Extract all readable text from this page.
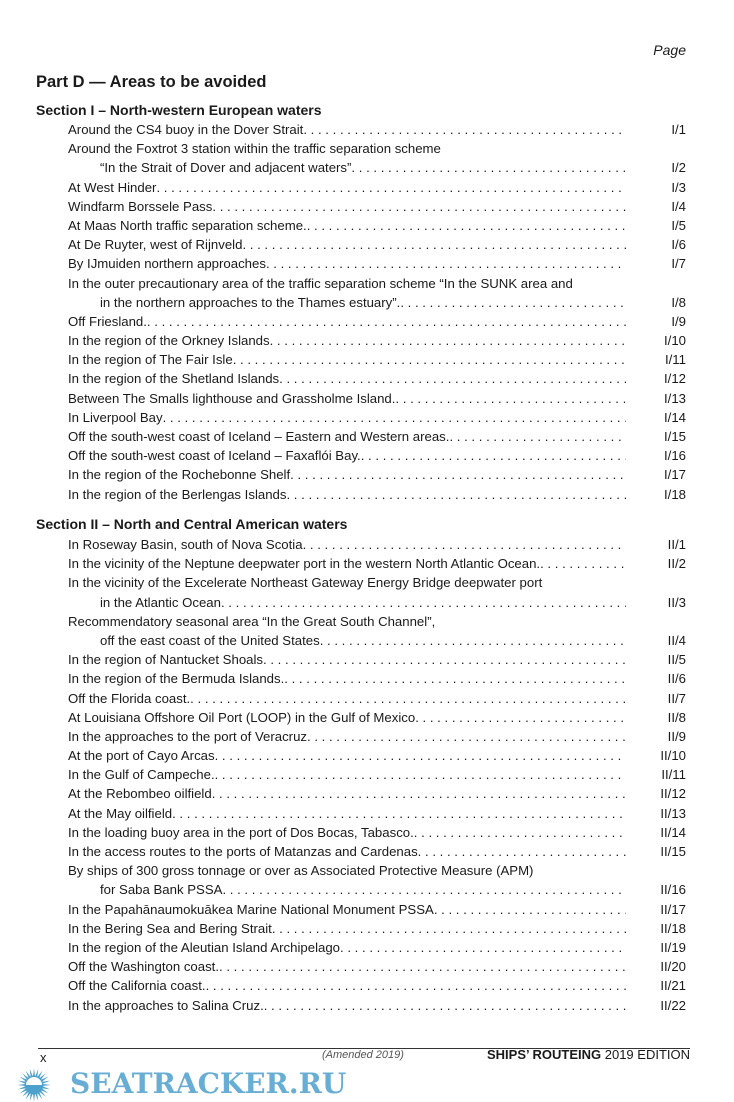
Page
Part D — Areas to be avoided
Section I – North-western European waters
Around the CS4 buoy in the Dover Strait . . .	I/1
Around the Foxtrot 3 station within the traffic separation scheme
“In the Strait of Dover and adjacent waters” . . .	I/2
At West Hinder . . .	I/3
Windfarm Borssele Pass . . .	I/4
At Maas North traffic separation scheme. . . .	I/5
At De Ruyter, west of Rijnveld . . .	I/6
By IJmuiden northern approaches . . .	I/7
In the outer precautionary area of the traffic separation scheme “In the SUNK area and
in the northern approaches to the Thames estuary”. . . .	I/8
Off Friesland. . . .	I/9
In the region of the Orkney Islands . . .	I/10
In the region of The Fair Isle . . .	I/11
In the region of the Shetland Islands . . .	I/12
Between The Smalls lighthouse and Grassholme Island. . . .	I/13
In Liverpool Bay . . .	I/14
Off the south-west coast of Iceland – Eastern and Western areas. . . .	I/15
Off the south-west coast of Iceland – Faxaflói Bay. . . .	I/16
In the region of the Rochebonne Shelf . . .	I/17
In the region of the Berlengas Islands . . .	I/18
Section II – North and Central American waters
In Roseway Basin, south of Nova Scotia . . .	II/1
In the vicinity of the Neptune deepwater port in the western North Atlantic Ocean. . . .	II/2
In the vicinity of the Excelerate Northeast Gateway Energy Bridge deepwater port
in the Atlantic Ocean . . .	II/3
Recommendatory seasonal area “In the Great South Channel”,
off the east coast of the United States . . .	II/4
In the region of Nantucket Shoals . . .	II/5
In the region of the Bermuda Islands. . . .	II/6
Off the Florida coast. . . .	II/7
At Louisiana Offshore Oil Port (LOOP) in the Gulf of Mexico . . .	II/8
In the approaches to the port of Veracruz . . .	II/9
At the port of Cayo Arcas . . .	II/10
In the Gulf of Campeche. . . .	II/11
At the Rebombeo oilfield . . .	II/12
At the May oilfield . . .	II/13
In the loading buoy area in the port of Dos Bocas, Tabasco. . . .	II/14
In the access routes to the ports of Matanzas and Cardenas . . .	II/15
By ships of 300 gross tonnage or over as Associated Protective Measure (APM)
for Saba Bank PSSA . . .	II/16
In the Papahānaumokuākea Marine National Monument PSSA . . .	II/17
In the Bering Sea and Bering Strait . . .	II/18
In the region of the Aleutian Island Archipelago . . .	II/19
Off the Washington coast. . . .	II/20
Off the California coast. . . .	II/21
In the approaches to Salina Cruz. . . .	II/22
x	(Amended 2019)	SHIPS’ ROUTEING 2019 EDITION
SEATRACKER.RU
